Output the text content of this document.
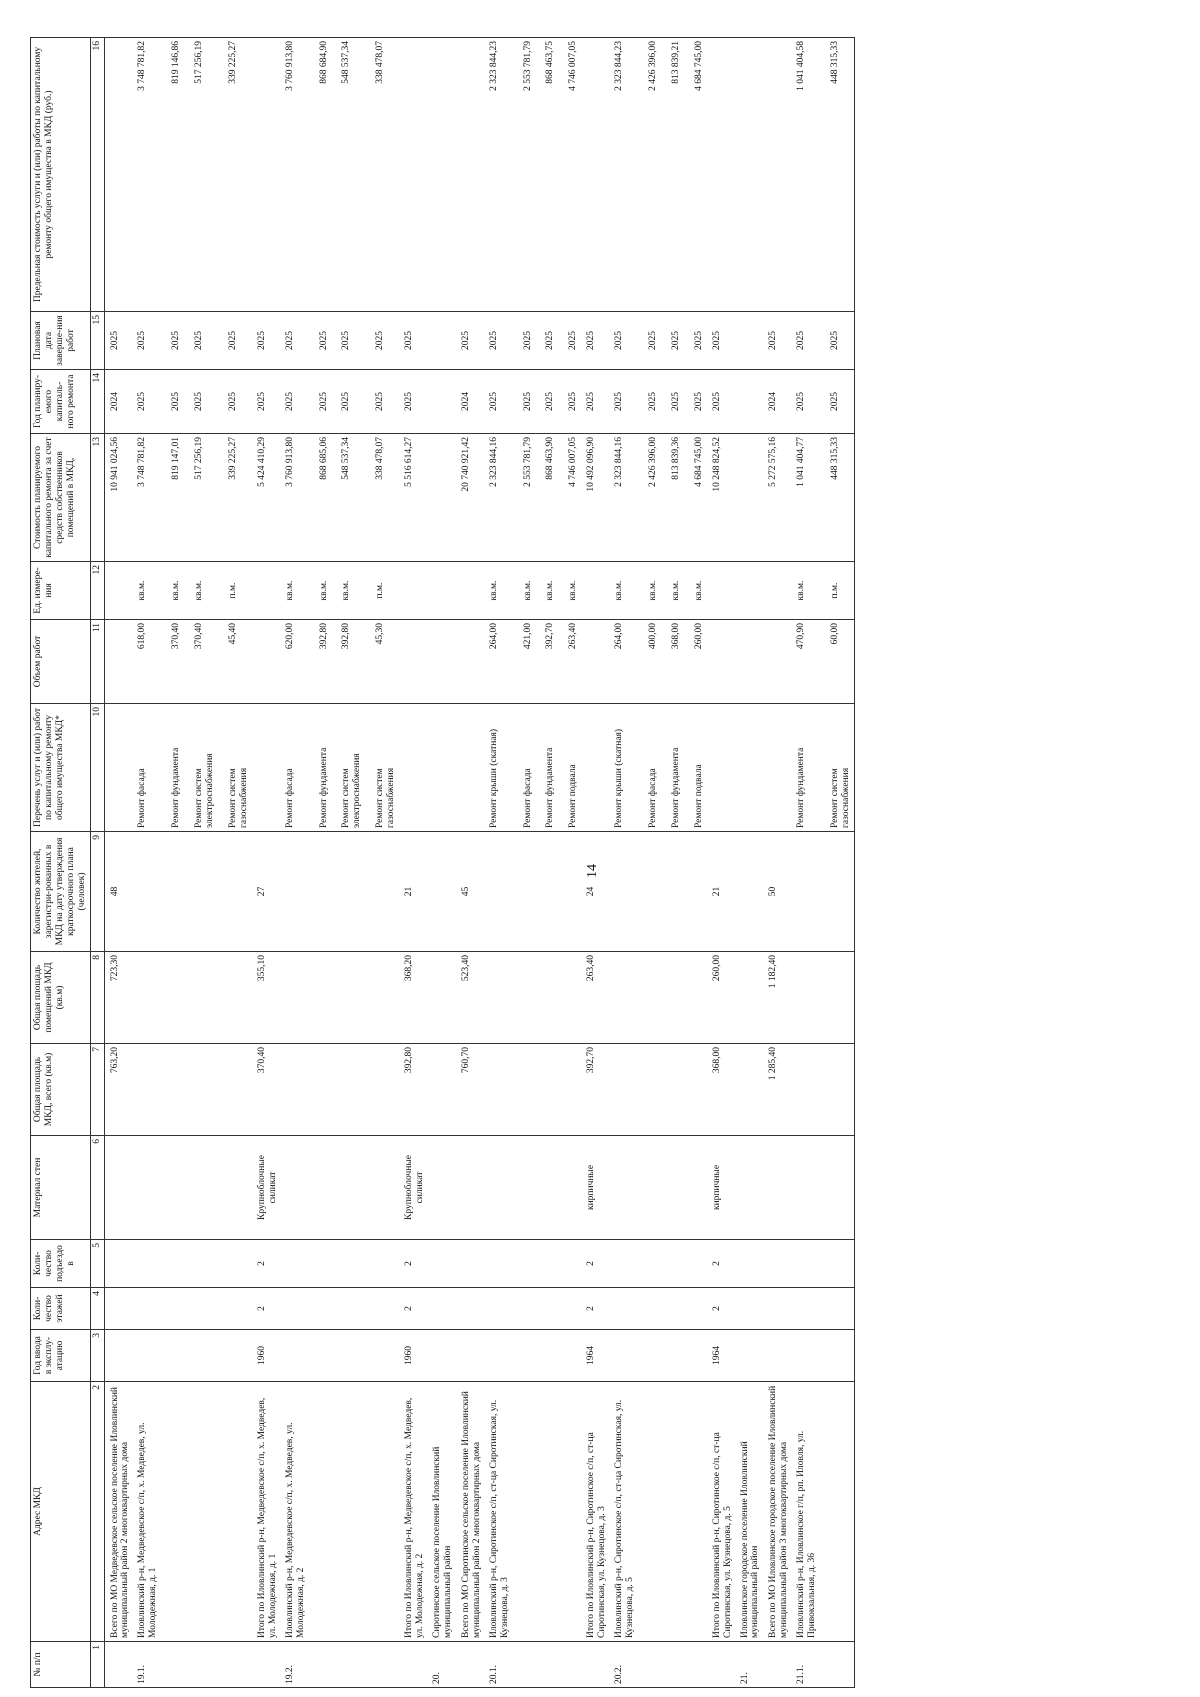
14
№ п/п	Адрес МКД	Год ввода в эксплу-атацию	Коли-чество этажей	Коли-чество подъездо в	Материал стен	Общая площадь МКД, всего (кв.м)	Общая площадь помещений МКД (кв.м)	Количество жителей, зарегистри-рованных в МКД на дату утверждения краткосрочного плана (человек)	Перечень услуг и (или) работ по капитальному ремонту общего имущества МКД*	Объем работ	Ед. измере-ния	Стоимость планируемого капитального ремонта за счет средств собственников помещений в МКД,	Год планиру-емого капиталь-ного ремонта	Плановая дата заверше-ния работ	Предельная стоимость услуги и (или) работы по капитальному ремонту общего имущества в МКД (руб.)
1	2	3	4	5	6	7	8	9	10	11	12	13	14	15	16
	Всего по МО Медведевское сельское поселение Иловлинский муниципальный район 2 многоквартирных дома					763,20	723,30	48				10 941 024,56	2024	2025	
19.1.	Иловлинский р-н, Медведевское с/п, х. Медведев, ул. Молодежная, д. 1								Ремонт фасада	618,00	кв.м.	3 748 781,82	2025	2025	3 748 781,82
									Ремонт фундамента	370,40	кв.м.	819 147,01	2025	2025	819 146,86
									Ремонт систем электроснабжения	370,40	кв.м.	517 256,19	2025	2025	517 256,19
									Ремонт систем газоснабжения	45,40	п.м.	339 225,27	2025	2025	339 225,27
	Итого по Иловлинский р-н, Медведевское с/п, х. Медведев, ул. Молодежная, д. 1	1960	2	2	Крупноблочные силикат	370,40	355,10	27				5 424 410,29	2025	2025	
19.2.	Иловлинский р-н, Медведевское с/п, х. Медведев, ул. Молодежная, д. 2								Ремонт фасада	620,00	кв.м.	3 760 913,80	2025	2025	3 760 913,80
									Ремонт фундамента	392,80	кв.м.	868 685,06	2025	2025	868 684,90
									Ремонт систем электроснабжения	392,80	кв.м.	548 537,34	2025	2025	548 537,34
									Ремонт систем газоснабжения	45,30	п.м.	338 478,07	2025	2025	338 478,07
	Итого по Иловлинский р-н, Медведевское с/п, х. Медведев, ул. Молодежная, д. 2	1960	2	2	Крупноблочные силикат	392,80	368,20	21				5 516 614,27	2025	2025	
20.	Сиротинское сельское поселение Иловлинский муниципальный район														
	Всего по МО Сиротинское сельское поселение Иловлинский муниципальный район 2 многоквартирных дома					760,70	523,40	45				20 740 921,42	2024	2025	
20.1.	Иловлинский р-н, Сиротинское с/п, ст-ца Сиротинская, ул. Кузнецова, д. 3								Ремонт крыши (скатная)	264,00	кв.м.	2 323 844,16	2025	2025	2 323 844,23
									Ремонт фасада	421,00	кв.м.	2 553 781,79	2025	2025	2 553 781,79
									Ремонт фундамента	392,70	кв.м.	868 463,90	2025	2025	868 463,75
									Ремонт подвала	263,40	кв.м.	4 746 007,05	2025	2025	4 746 007,05
	Итого по Иловлинский р-н, Сиротинское с/п, ст-ца Сиротинская, ул. Кузнецова, д. 3	1964	2	2	кирпичные	392,70	263,40	24				10 492 096,90	2025	2025	
20.2.	Иловлинский р-н, Сиротинское с/п, ст-ца Сиротинская, ул. Кузнецова, д. 5								Ремонт крыши (скатная)	264,00	кв.м.	2 323 844,16	2025	2025	2 323 844,23
									Ремонт фасада	400,00	кв.м.	2 426 396,00	2025	2025	2 426 396,00
									Ремонт фундамента	368,00	кв.м.	813 839,36	2025	2025	813 839,21
									Ремонт подвала	260,00	кв.м.	4 684 745,00	2025	2025	4 684 745,00
	Итого по Иловлинский р-н, Сиротинское с/п, ст-ца Сиротинская, ул. Кузнецова, д. 5	1964	2	2	кирпичные	368,00	260,00	21				10 248 824,52	2025	2025	
21.	Иловлинское городское поселение Иловлинский муниципальный район														
	Всего по МО Иловлинское городское поселение Иловлинский муниципальный район 3 многоквартирных дома					1 285,40	1 182,40	50				5 272 575,16	2024	2025	
21.1.	Иловлинский р-н, Иловлинское г/п, рп. Иловля, ул. Привокзальная, д. 36								Ремонт фундамента	470,90	кв.м.	1 041 404,77	2025	2025	1 041 404,58
									Ремонт систем газоснабжения	60,00	п.м.	448 315,33	2025	2025	448 315,33
